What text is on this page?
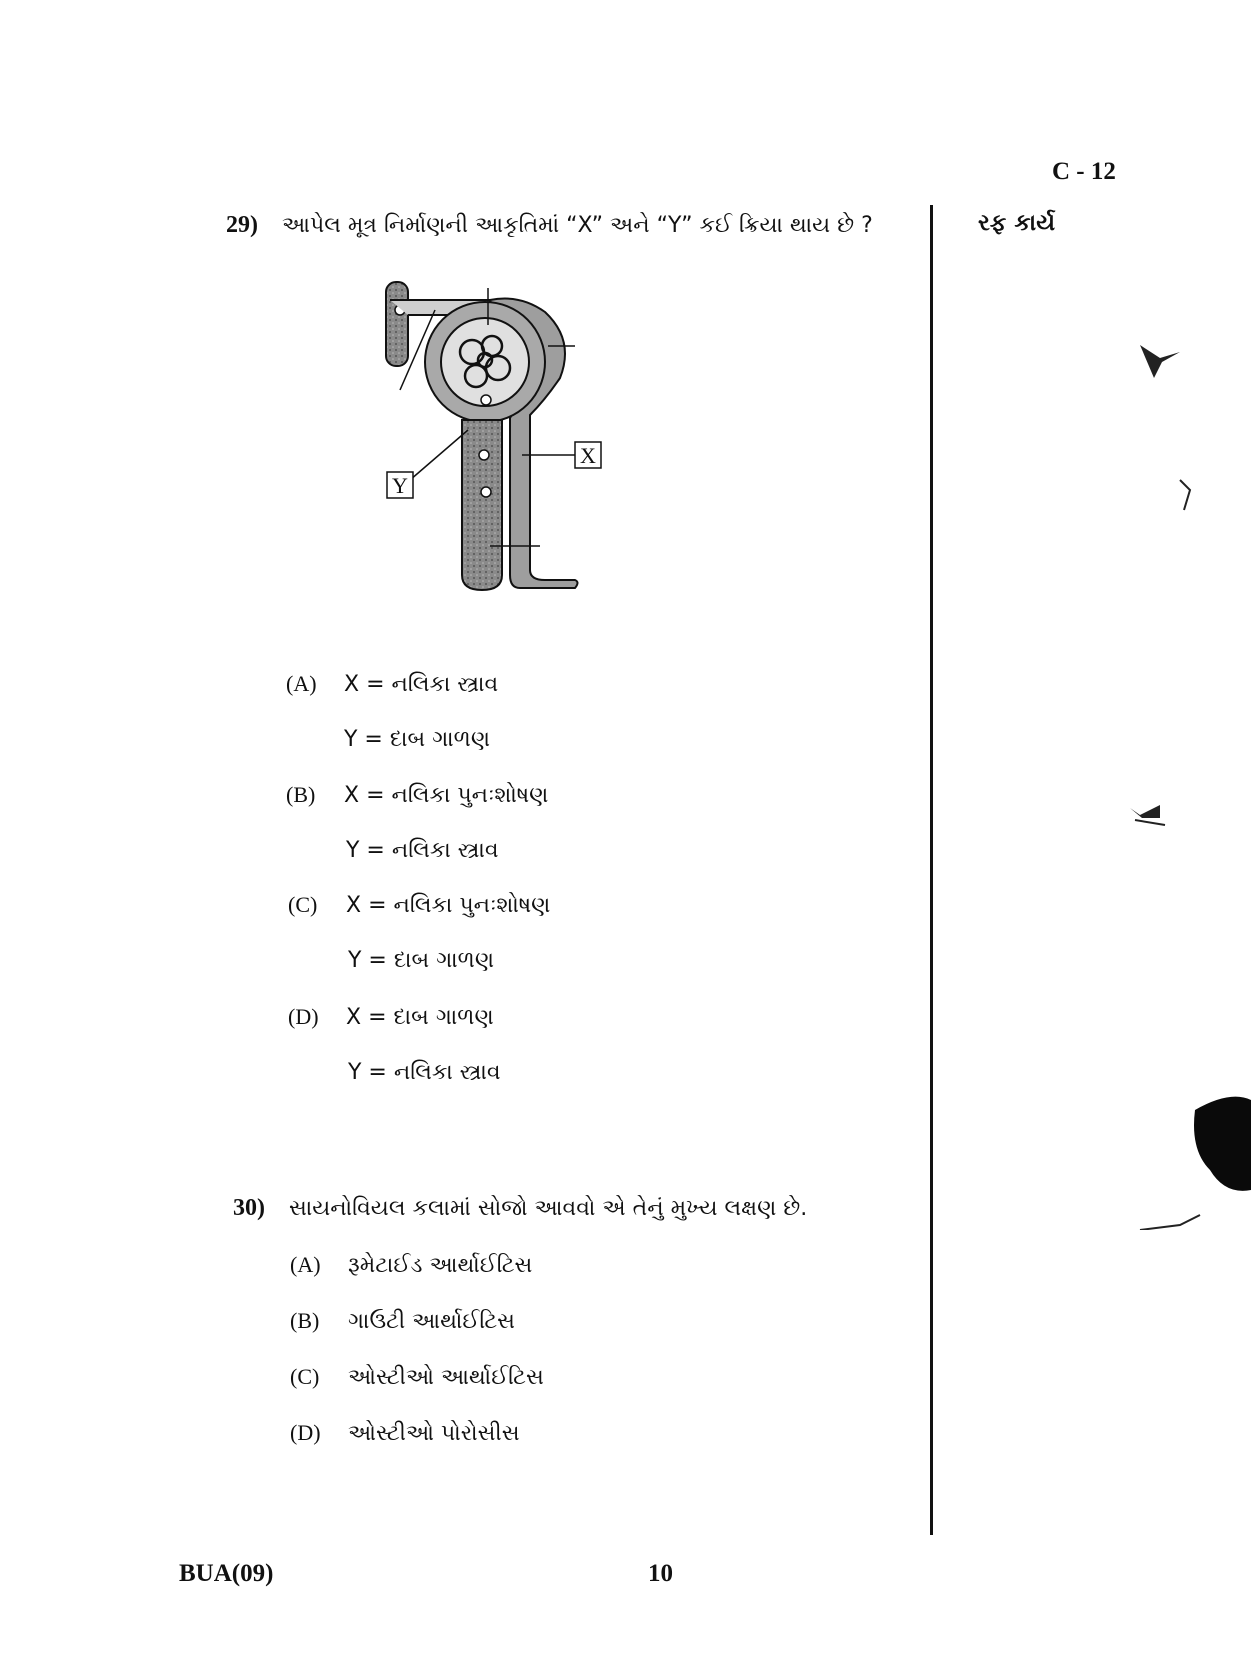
C - 12
રફ કાર્ય
29)	આપેલ મૂત્ર નિર્માણની આકૃતિમાં “X” અને “Y” કઈ ક્રિયા થાય છે ?
X
Y
(A)	X = નલિકા સ્ત્રાવ
Y = દાબ ગાળણ
(B)	X = નલિકા પુનઃશોષણ
Y = નલિકા સ્ત્રાવ
(C)	X = નલિકા પુનઃશોષણ
Y = દાબ ગાળણ
(D)	X = દાબ ગાળણ
Y = નલિકા સ્ત્રાવ
30)	સાયનોવિયલ કલામાં સોજો આવવો એ તેનું મુખ્ય લક્ષણ છે.
(A)	રૂમેટાઈડ આર્થાઈટિસ
(B)	ગાઉટી આર્થાઈટિસ
(C)	ઓસ્ટીઓ આર્થાઈટિસ
(D)	ઓસ્ટીઓ પોરોસીસ
BUA(09)	10
